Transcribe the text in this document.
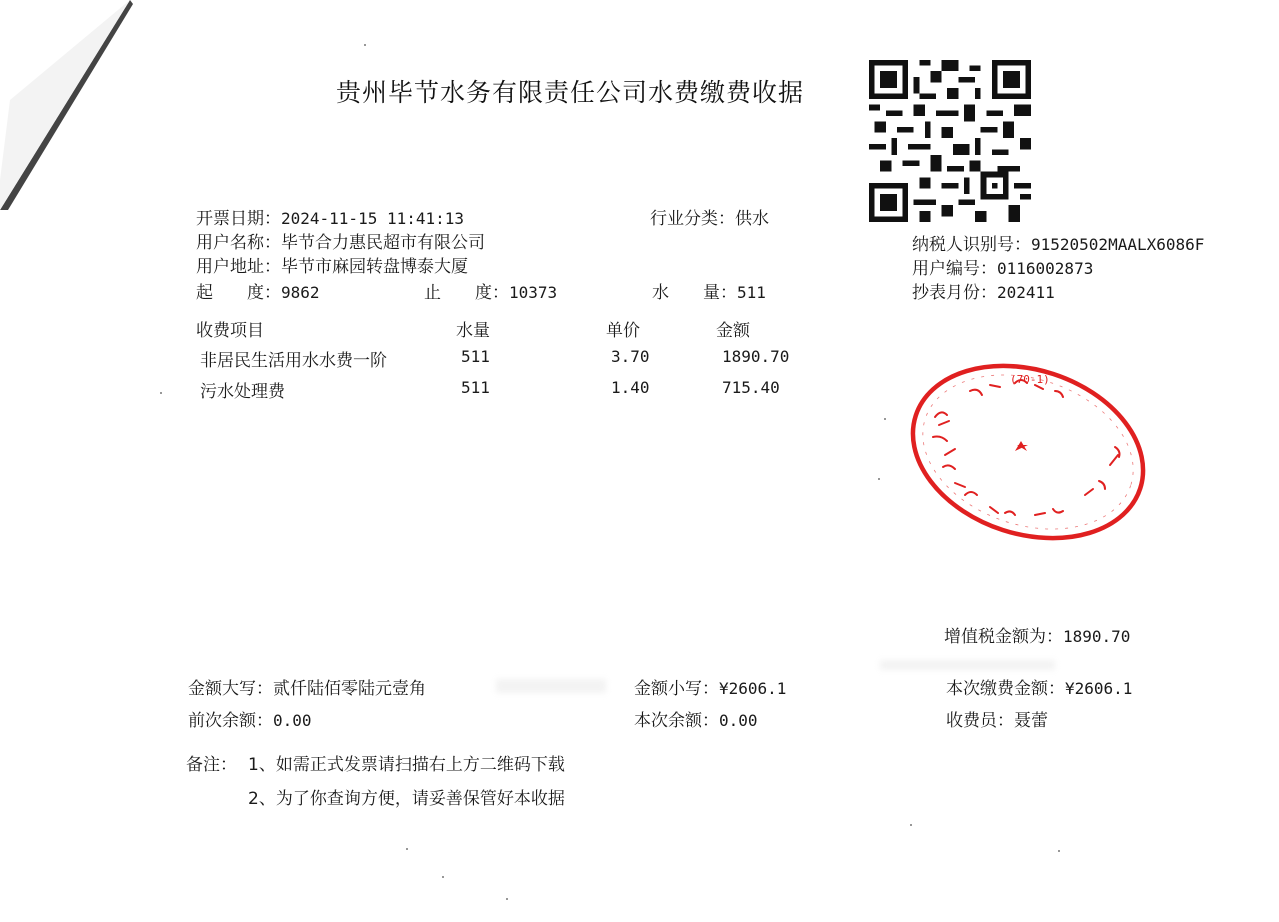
贵州毕节水务有限责任公司水费缴费收据
开票日期：2024-11-15 11:41:13	行业分类：供水
用户名称：毕节合力惠民超市有限公司
用户地址：毕节市麻园转盘博泰大厦
起　　度：9862	止　　度：10373	水　　量：511
纳税人识别号：91520502MAALX6086F
用户编号：0116002873
抄表月份：202411
收费项目	水量	单价	金额
非居民生活用水水费一阶	511	3.70	1890.70
污水处理费	511	1.40	715.40	(70-1)
增值税金额为：1890.70
金额大写：贰仟陆佰零陆元壹角	金额小写：¥2606.1	本次缴费金额：¥2606.1
前次余额：0.00	本次余额：0.00	收费员：聂蕾
备注： 1、如需正式发票请扫描右上方二维码下载
2、为了你查询方便，请妥善保管好本收据
